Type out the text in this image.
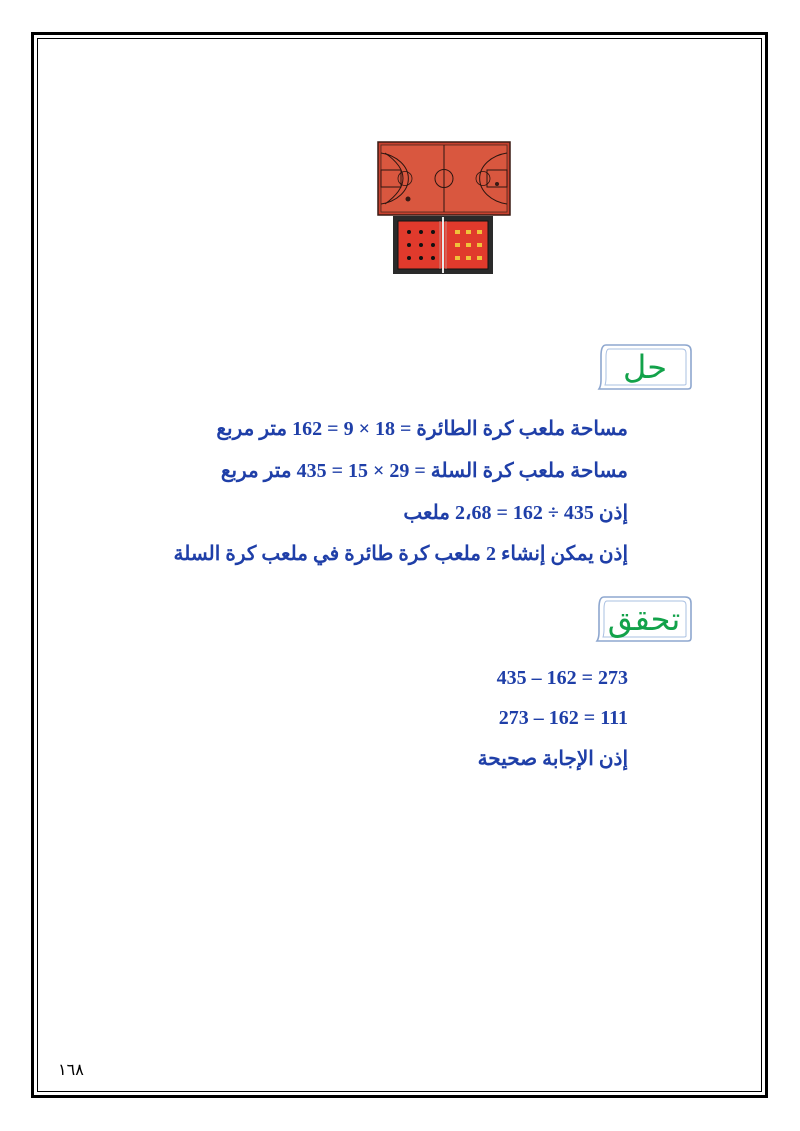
حل
مساحة ملعب كرة الطائرة = 18 × 9 = 162 متر مربع
مساحة ملعب كرة السلة = 29 × 15 = 435 متر مربع
إذن 435 ÷ 162 = 2،68 ملعب
إذن يمكن إنشاء 2 ملعب كرة طائرة في ملعب كرة السلة
تحقق
435 – 162 = 273
273 – 162 = 111
إذن الإجابة صحيحة
١٦٨
